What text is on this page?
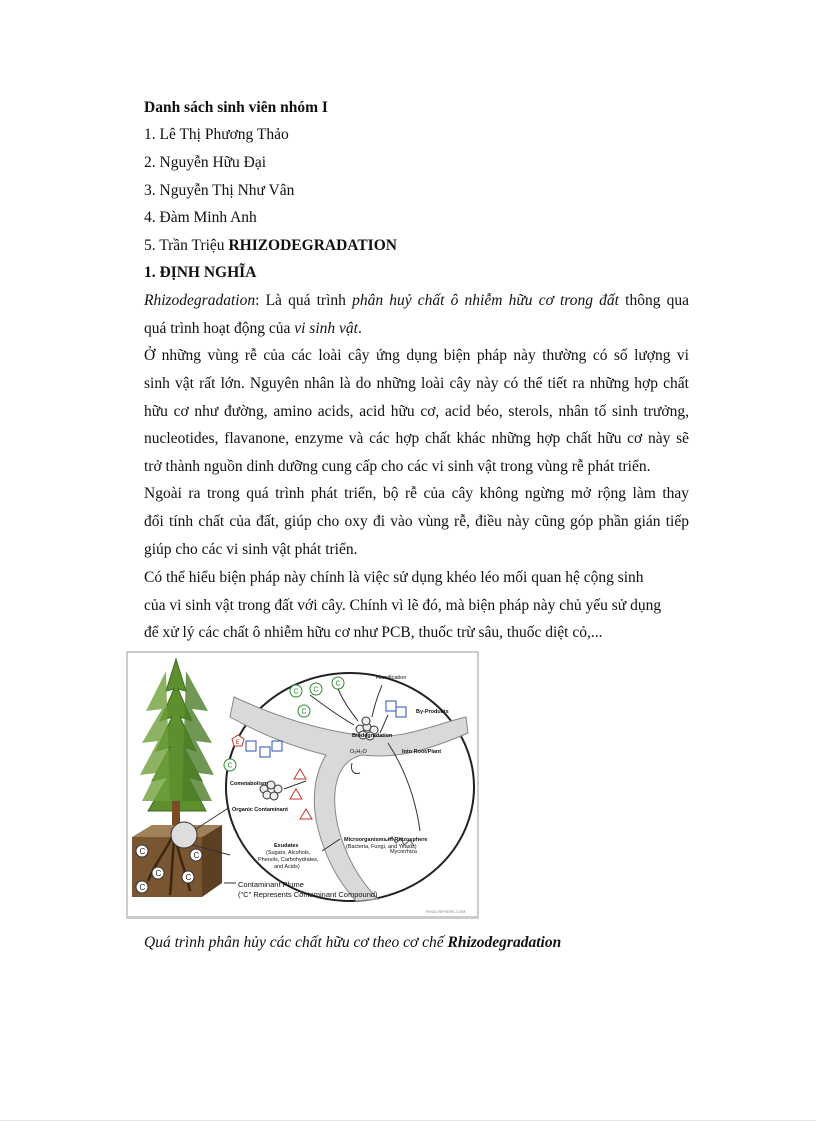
Danh sách sinh viên nhóm I
1. Lê Thị Phương Thảo
2. Nguyễn Hữu Đại
3. Nguyễn Thị Như Vân
4. Đàm Minh Anh
5. Trần Triệu RHIZODEGRADATION
1. ĐỊNH NGHĨA
Rhizodegradation: Là quá trình phân huỷ chất ô nhiễm hữu cơ trong đất thông qua
quá trình hoạt động của vi sinh vật.
Ở những vùng rễ của các loài cây ứng dụng biện pháp này thường có số lượng vi
sinh vật rất lớn. Nguyên nhân là do những loài cây này có thể tiết ra những hợp chất
hữu cơ như đường, amino acids, acid hữu cơ, acid béo, sterols, nhân tố sinh trưởng,
nucleotides, flavanone, enzyme và các hợp chất khác những hợp chất hữu cơ này sẽ
trở thành nguồn dinh dưỡng cung cấp cho các vi sinh vật trong vùng rễ phát triển.
Ngoài ra trong quá trình phát triển, bộ rễ của cây không ngừng mở rộng làm thay
đổi tính chất của đất, giúp cho oxy đi vào vùng rễ, điều này cũng góp phần gián tiếp
giúp cho các vi sinh vật phát triển.
Có thể hiểu biện pháp này chính là việc sử dụng khéo léo mối quan hệ cộng sinh
của vi sinh vật trong đất với cây. Chính vì lẽ đó, mà biện pháp này chủ yếu sử dụng
để xử lý các chất ô nhiễm hữu cơ như PCB, thuốc trừ sâu, thuốc diệt cỏ,...
C
C
C
C
C
C C
C
C
C
E
Humification
By-Products
Biodegradation
O₂H₂O	Into Root/Plant
Cometabolism
Organic Contaminant
Mycorrhiza
Exudates
(Sugars, Alcohols,
Phenols, Carbohydrates,
and Acids)
Microorganisms in Rhizosphere
(Bacteria, Fungi, and Yeasts)
Contaminant Plume
("C" Represents Contaminant Compound)
RHIZOSPHERE.COM
Quá trình phân hủy các chất hữu cơ theo cơ chế Rhizodegradation
